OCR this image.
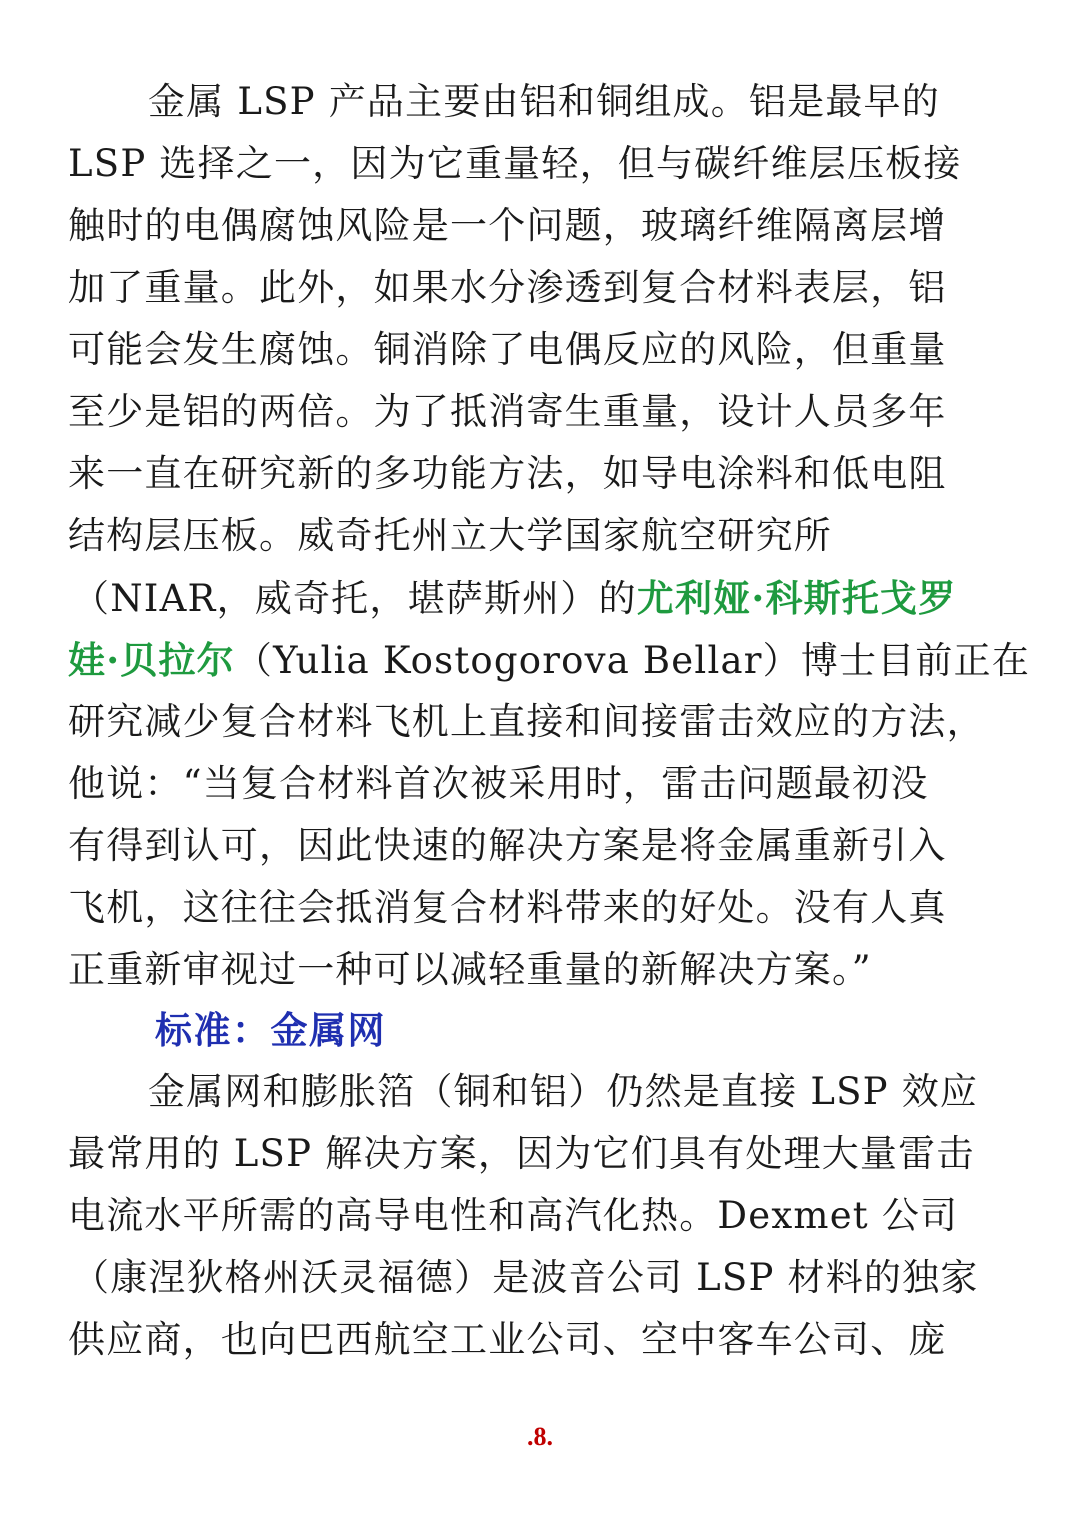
金属 LSP 产品主要由铝和铜组成。铝是最早的
LSP 选择之一，因为它重量轻，但与碳纤维层压板接
触时的电偶腐蚀风险是一个问题，玻璃纤维隔离层增
加了重量。此外，如果水分渗透到复合材料表层，铝
可能会发生腐蚀。铜消除了电偶反应的风险，但重量
至少是铝的两倍。为了抵消寄生重量，设计人员多年
来一直在研究新的多功能方法，如导电涂料和低电阻
结构层压板。威奇托州立大学国家航空研究所
（NIAR，威奇托，堪萨斯州）的尤利娅·科斯托戈罗
娃·贝拉尔（Yulia Kostogorova Bellar）博士目前正在
研究减少复合材料飞机上直接和间接雷击效应的方法，
他说：“当复合材料首次被采用时，雷击问题最初没
有得到认可，因此快速的解决方案是将金属重新引入
飞机，这往往会抵消复合材料带来的好处。没有人真
正重新审视过一种可以减轻重量的新解决方案。”
标准：金属网
金属网和膨胀箔（铜和铝）仍然是直接 LSP 效应
最常用的 LSP 解决方案，因为它们具有处理大量雷击
电流水平所需的高导电性和高汽化热。Dexmet 公司
（康涅狄格州沃灵福德）是波音公司 LSP 材料的独家
供应商，也向巴西航空工业公司、空中客车公司、庞
.8.
